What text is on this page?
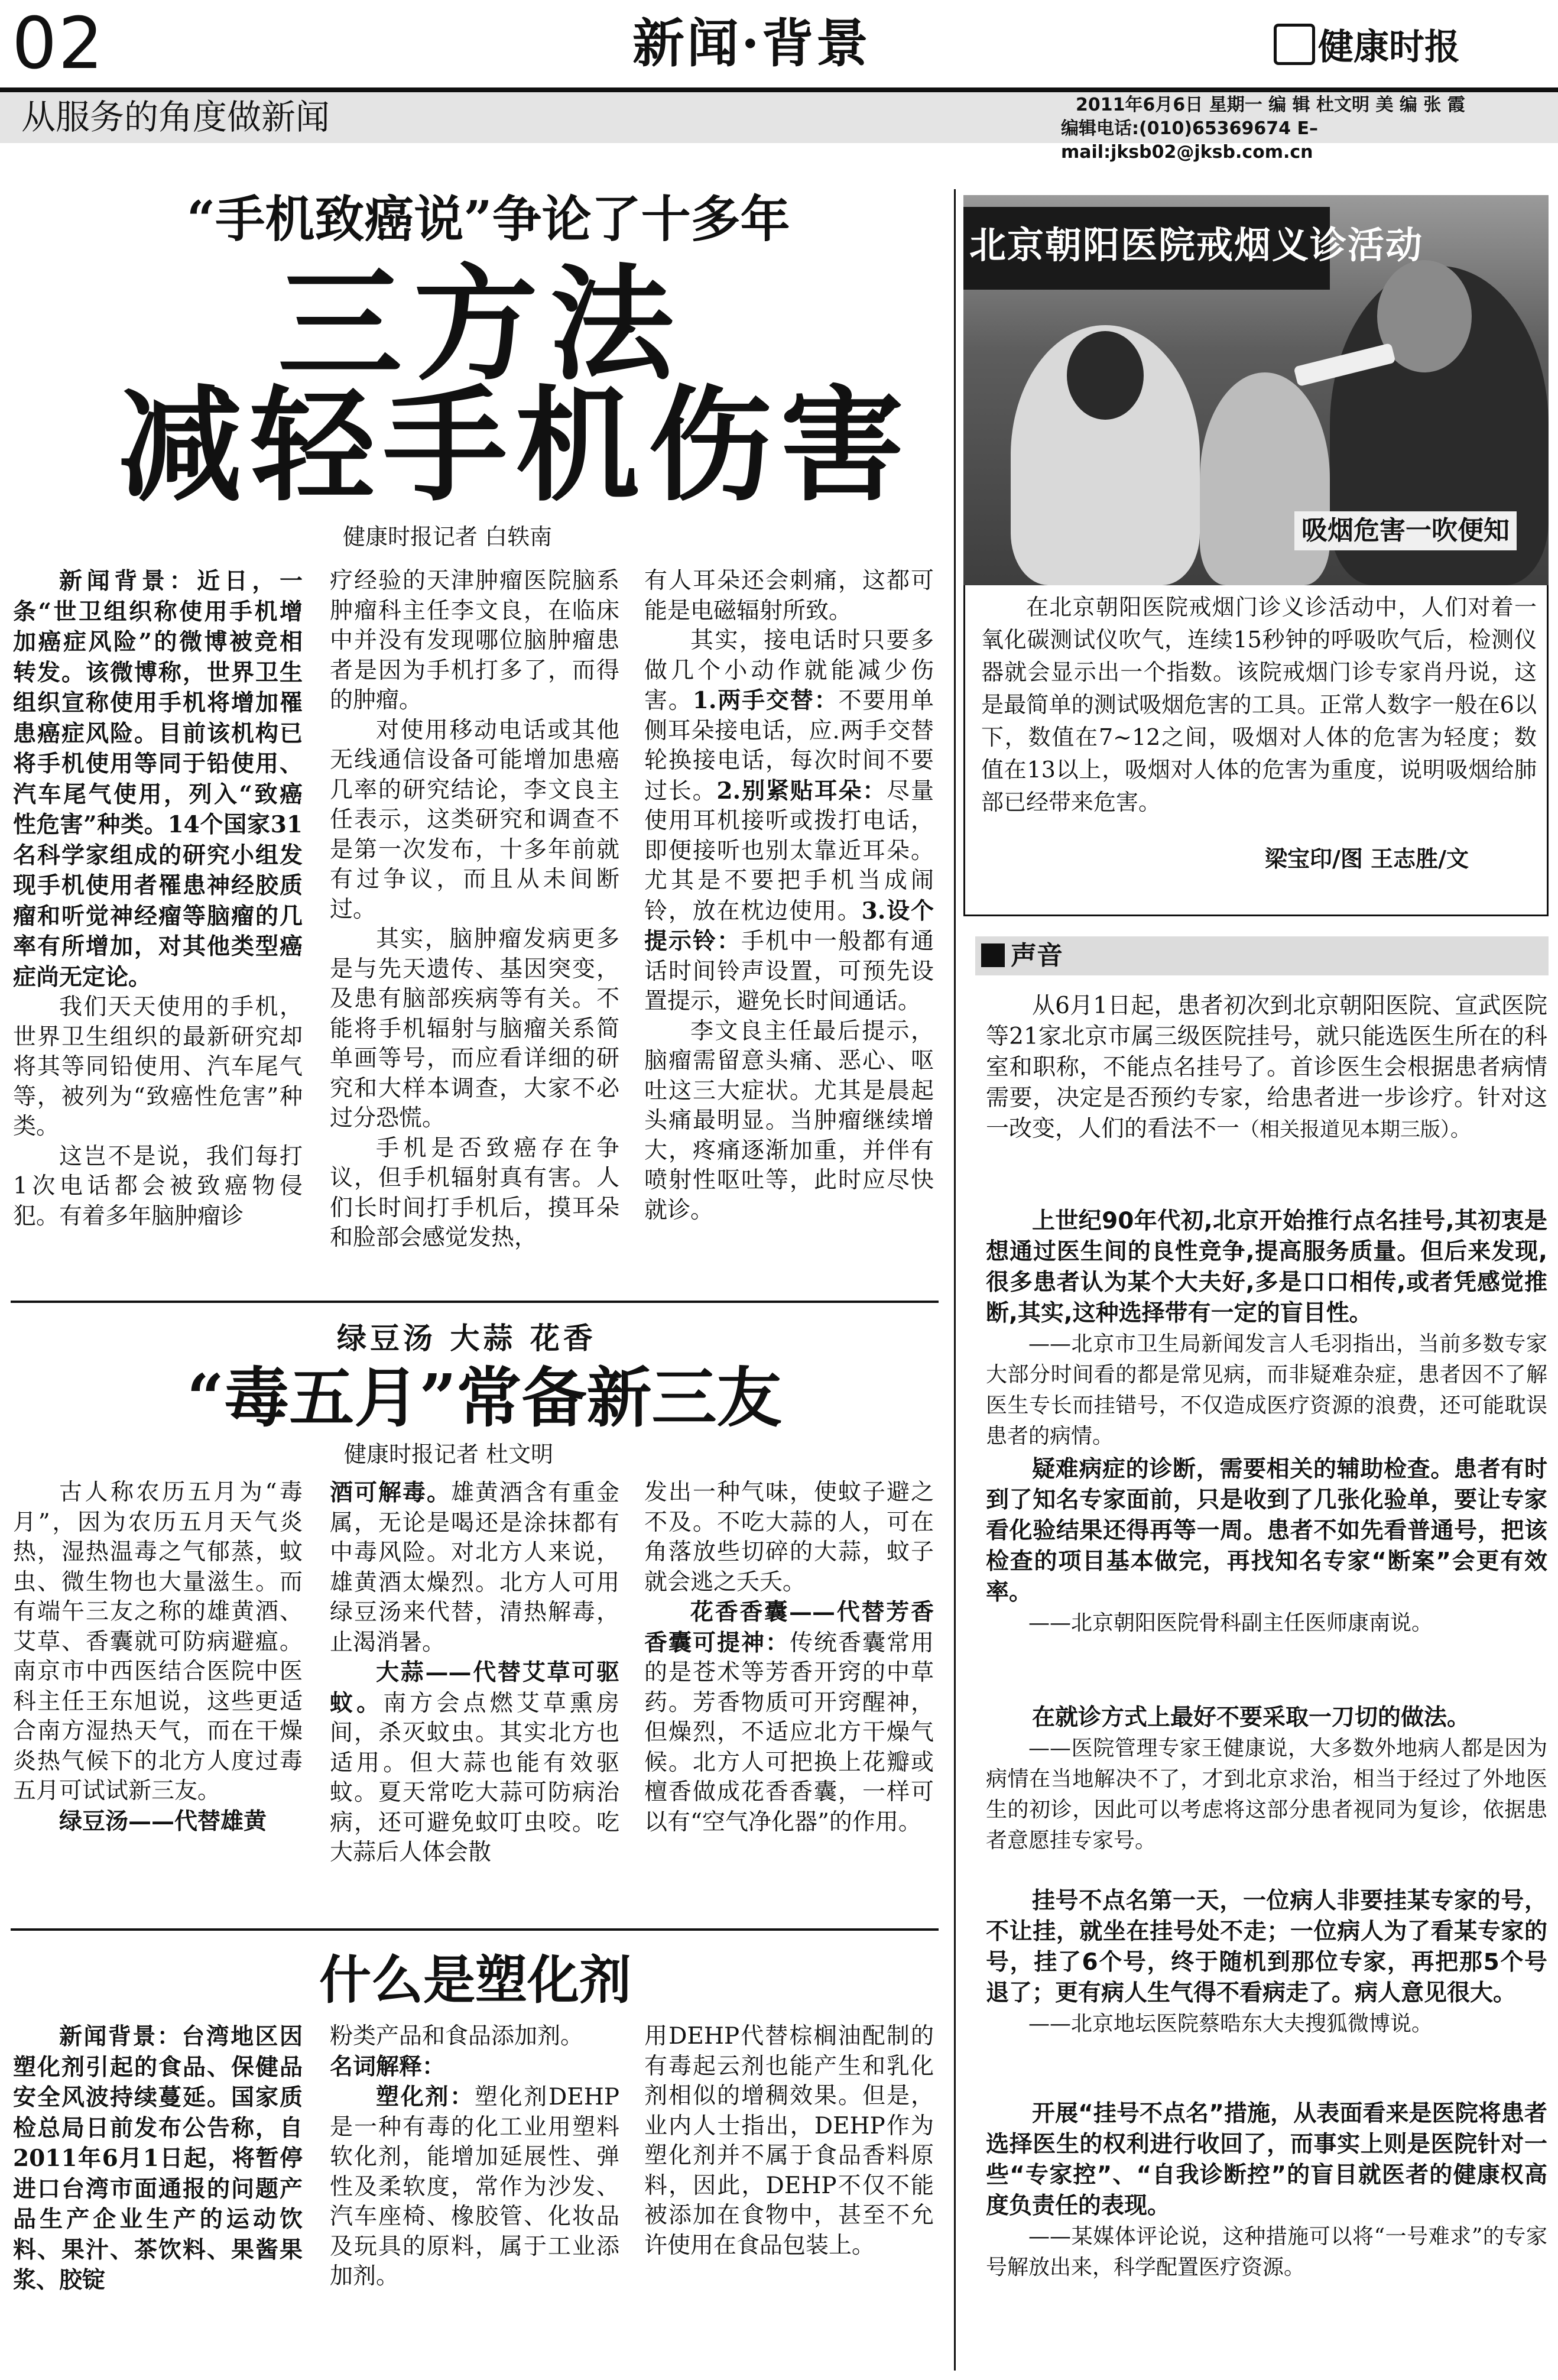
02	新闻·背景	健康时报
从服务的角度做新闻	2011年6月6日 星期一 编 辑 杜文明 美 编 张 霞
编辑电话:(010)65369674 E–mail:jksb02@jksb.com.cn
“手机致癌说”争论了十多年
三方法
减轻手机伤害
健康时报记者 白轶南

新闻背景：近日，一条“世卫组织称使用手机增加癌症风险”的微博被竞相转发。该微博称，世界卫生组织宣称使用手机将增加罹患癌症风险。目前该机构已将手机使用等同于铅使用、汽车尾气使用，列入“致癌性危害”种类。14个国家31名科学家组成的研究小组发现手机使用者罹患神经胶质瘤和听觉神经瘤等脑瘤的几率有所增加，对其他类型癌症尚无定论。

我们天天使用的手机，世界卫生组织的最新研究却将其等同铅使用、汽车尾气等，被列为“致癌性危害”种类。

这岂不是说，我们每打1次电话都会被致癌物侵犯。有着多年脑肿瘤诊

疗经验的天津肿瘤医院脑系肿瘤科主任李文良，在临床中并没有发现哪位脑肿瘤患者是因为手机打多了，而得的肿瘤。

对使用移动电话或其他无线通信设备可能增加患癌几率的研究结论，李文良主任表示，这类研究和调查不是第一次发布，十多年前就有过争议，而且从未间断过。

其实，脑肿瘤发病更多是与先天遗传、基因突变，及患有脑部疾病等有关。不能将手机辐射与脑瘤关系简单画等号，而应看详细的研究和大样本调查，大家不必过分恐慌。

手机是否致癌存在争议，但手机辐射真有害。人们长时间打手机后，摸耳朵和脸部会感觉发热，

有人耳朵还会刺痛，这都可能是电磁辐射所致。

其实，接电话时只要多做几个小动作就能减少伤害。1.两手交替：不要用单侧耳朵接电话，应.两手交替轮换接电话，每次时间不要过长。2.别紧贴耳朵：尽量使用耳机接听或拨打电话，即便接听也别太靠近耳朵。尤其是不要把手机当成闹铃，放在枕边使用。3.设个提示铃：手机中一般都有通话时间铃声设置，可预先设置提示，避免长时间通话。

李文良主任最后提示，脑瘤需留意头痛、恶心、呕吐这三大症状。尤其是晨起头痛最明显。当肿瘤继续增大，疼痛逐渐加重，并伴有喷射性呕吐等，此时应尽快就诊。

绿豆汤 大蒜 花香
“毒五月”常备新三友
健康时报记者 杜文明

古人称农历五月为“毒月”，因为农历五月天气炎热，湿热温毒之气郁蒸，蚊虫、微生物也大量滋生。而有端午三友之称的雄黄酒、艾草、香囊就可防病避瘟。南京市中西医结合医院中医科主任王东旭说，这些更适合南方湿热天气，而在干燥炎热气候下的北方人度过毒五月可试试新三友。

绿豆汤——代替雄黄

酒可解毒。雄黄酒含有重金属，无论是喝还是涂抹都有中毒风险。对北方人来说，雄黄酒太燥烈。北方人可用绿豆汤来代替，清热解毒，止渴消暑。

大蒜——代替艾草可驱蚊。南方会点燃艾草熏房间，杀灭蚊虫。其实北方也适用。但大蒜也能有效驱蚊。夏天常吃大蒜可防病治病，还可避免蚊叮虫咬。吃大蒜后人体会散

发出一种气味，使蚊子避之不及。不吃大蒜的人，可在角落放些切碎的大蒜，蚊子就会逃之夭夭。

花香香囊——代替芳香香囊可提神：传统香囊常用的是苍术等芳香开窍的中草药。芳香物质可开窍醒神，但燥烈，不适应北方干燥气候。北方人可把换上花瓣或檀香做成花香香囊，一样可以有“空气净化器”的作用。

什么是塑化剂

新闻背景：台湾地区因塑化剂引起的食品、保健品安全风波持续蔓延。国家质检总局日前发布公告称，自2011年6月1日起，将暂停进口台湾市面通报的问题产品生产企业生产的运动饮料、果汁、茶饮料、果酱果浆、胶锭

粉类产品和食品添加剂。

名词解释：

塑化剂：塑化剂DEHP是一种有毒的化工业用塑料软化剂，能增加延展性、弹性及柔软度，常作为沙发、汽车座椅、橡胶管、化妆品及玩具的原料，属于工业添加剂。

用DEHP代替棕榈油配制的有毒起云剂也能产生和乳化剂相似的增稠效果。但是，业内人士指出，DEHP作为塑化剂并不属于食品香料原料，因此，DEHP不仅不能被添加在食物中，甚至不允许使用在食品包装上。

北京朝阳医院戒烟义诊活动
吸烟危害一吹便知

在北京朝阳医院戒烟门诊义诊活动中，人们对着一氧化碳测试仪吹气，连续15秒钟的呼吸吹气后，检测仪器就会显示出一个指数。该院戒烟门诊专家肖丹说，这是最简单的测试吸烟危害的工具。正常人数字一般在6以下，数值在7~12之间，吸烟对人体的危害为轻度；数值在13以上，吸烟对人体的危害为重度，说明吸烟给肺部已经带来危害。

梁宝印/图 王志胜/文
声音

从6月1日起，患者初次到北京朝阳医院、宣武医院等21家北京市属三级医院挂号，就只能选医生所在的科室和职称，不能点名挂号了。首诊医生会根据患者病情需要，决定是否预约专家，给患者进一步诊疗。针对这一改变，人们的看法不一（相关报道见本期三版）。

上世纪90年代初,北京开始推行点名挂号,其初衷是想通过医生间的良性竞争,提高服务质量。但后来发现,很多患者认为某个大夫好,多是口口相传,或者凭感觉推断,其实,这种选择带有一定的盲目性。

——北京市卫生局新闻发言人毛羽指出，当前多数专家大部分时间看的都是常见病，而非疑难杂症，患者因不了解医生专长而挂错号，不仅造成医疗资源的浪费，还可能耽误患者的病情。

疑难病症的诊断，需要相关的辅助检查。患者有时到了知名专家面前，只是收到了几张化验单，要让专家看化验结果还得再等一周。患者不如先看普通号，把该检查的项目基本做完，再找知名专家“断案”会更有效率。

——北京朝阳医院骨科副主任医师康南说。

在就诊方式上最好不要采取一刀切的做法。

——医院管理专家王健康说，大多数外地病人都是因为病情在当地解决不了，才到北京求治，相当于经过了外地医生的初诊，因此可以考虑将这部分患者视同为复诊，依据患者意愿挂专家号。

挂号不点名第一天，一位病人非要挂某专家的号，不让挂，就坐在挂号处不走；一位病人为了看某专家的号，挂了6个号，终于随机到那位专家，再把那5个号退了；更有病人生气得不看病走了。病人意见很大。

——北京地坛医院蔡晧东大夫搜狐微博说。

开展“挂号不点名”措施，从表面看来是医院将患者选择医生的权利进行收回了，而事实上则是医院针对一些“专家控”、“自我诊断控”的盲目就医者的健康权高度负责任的表现。

——某媒体评论说，这种措施可以将“一号难求”的专家号解放出来，科学配置医疗资源。
